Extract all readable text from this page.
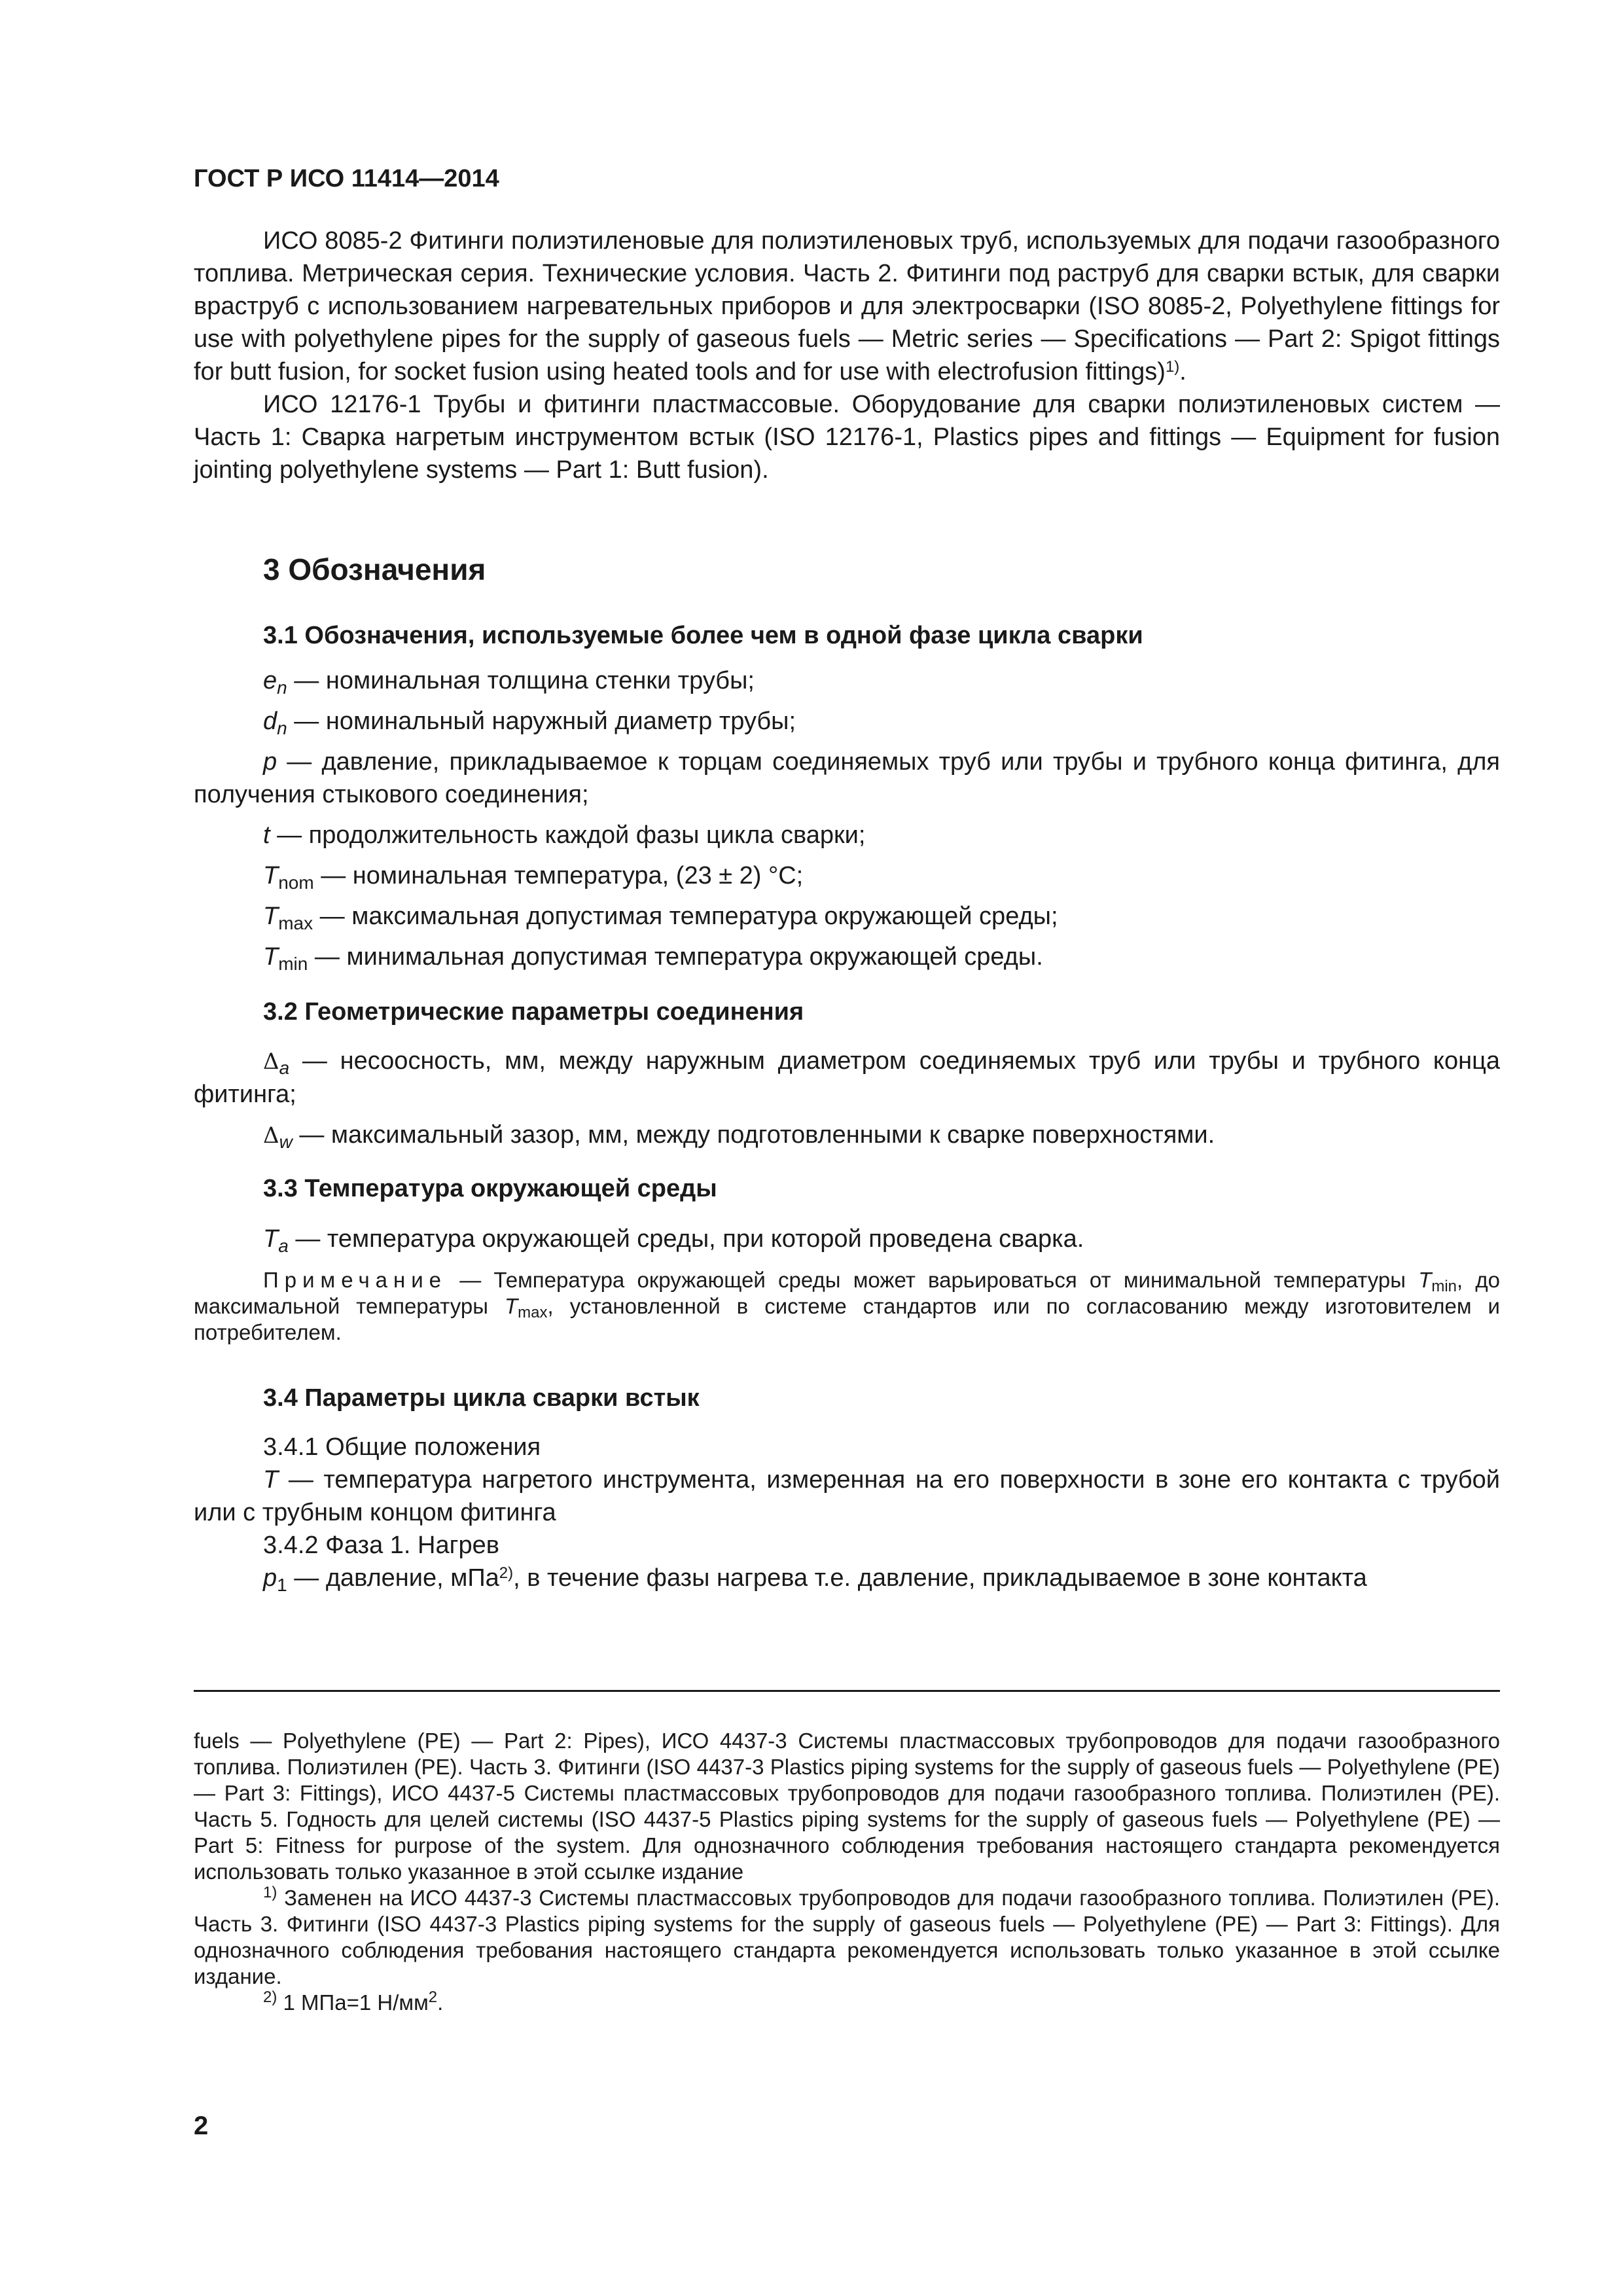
ГОСТ Р ИСО 11414—2014

ИСО 8085-2 Фитинги полиэтиленовые для полиэтиленовых труб, используемых для подачи газообразного топлива. Метрическая серия. Технические условия. Часть 2. Фитинги под раструб для сварки встык, для сварки враструб с использованием нагревательных приборов и для электросварки (ISO 8085-2, Polyethylene fittings for use with polyethylene pipes for the supply of gaseous fuels — Metric series — Specifications — Part 2: Spigot fittings for butt fusion, for socket fusion using heated tools and for use with electrofusion fittings)$^{1)}$.

ИСО 12176-1 Трубы и фитинги пластмассовые. Оборудование для сварки полиэтиленовых систем — Часть 1: Сварка нагретым инструментом встык (ISO 12176-1, Plastics pipes and fittings — Equipment for fusion jointing polyethylene systems — Part 1: Butt fusion).

3 Обозначения

3.1 Обозначения, используемые более чем в одной фазе цикла сварки

$e_n$ — номинальная толщина стенки трубы;

$d_n$ — номинальный наружный диаметр трубы;

p — давление, прикладываемое к торцам соединяемых труб или трубы и трубного конца фитинга, для получения стыкового соединения;

t — продолжительность каждой фазы цикла сварки;

$T_{nom}$ — номинальная температура, (23 ± 2) °С;

$T_{max}$ — максимальная допустимая температура окружающей среды;

$T_{min}$ — минимальная допустимая температура окружающей среды.

3.2 Геометрические параметры соединения

$\Delta_a$ — несоосность, мм, между наружным диаметром соединяемых труб или трубы и трубного конца фитинга;

$\Delta_w$ — максимальный зазор, мм, между подготовленными к сварке поверхностями.

3.3 Температура окружающей среды

$T_a$ — температура окружающей среды, при которой проведена сварка.

Примечание — Температура окружающей среды может варьироваться от минимальной температуры $T_{min}$, до максимальной температуры $T_{max}$, установленной в системе стандартов или по согласованию между изготовителем и потребителем.

3.4 Параметры цикла сварки встык

3.4.1 Общие положения

T — температура нагретого инструмента, измеренная на его поверхности в зоне его контакта с трубой или с трубным концом фитинга

3.4.2 Фаза 1. Нагрев

$p_1$ — давление, мПа$^{2)}$, в течение фазы нагрева т.е. давление, прикладываемое в зоне контакта

fuels — Polyethylene (PE) — Part 2: Pipes), ИСО 4437-3 Системы пластмассовых трубопроводов для подачи газообразного топлива. Полиэтилен (PE). Часть 3. Фитинги (ISO 4437-3 Plastics piping systems for the supply of gaseous fuels — Polyethylene (PE) — Part 3: Fittings), ИСО 4437-5 Системы пластмассовых трубопроводов для подачи газообразного топлива. Полиэтилен (PE). Часть 5. Годность для целей системы (ISO 4437-5 Plastics piping systems for the supply of gaseous fuels — Polyethylene (PE) — Part 5: Fitness for purpose of the system. Для однозначного соблюдения требования настоящего стандарта рекомендуется использовать только указанное в этой ссылке издание

$^{1)}$ Заменен на ИСО 4437-3 Системы пластмассовых трубопроводов для подачи газообразного топлива. Полиэтилен (PE). Часть 3. Фитинги (ISO 4437-3 Plastics piping systems for the supply of gaseous fuels — Polyethylene (PE) — Part 3: Fittings). Для однозначного соблюдения требования настоящего стандарта рекомендуется использовать только указанное в этой ссылке издание.

$^{2)}$ 1 МПа=1 $Н/мм^2$.

2
